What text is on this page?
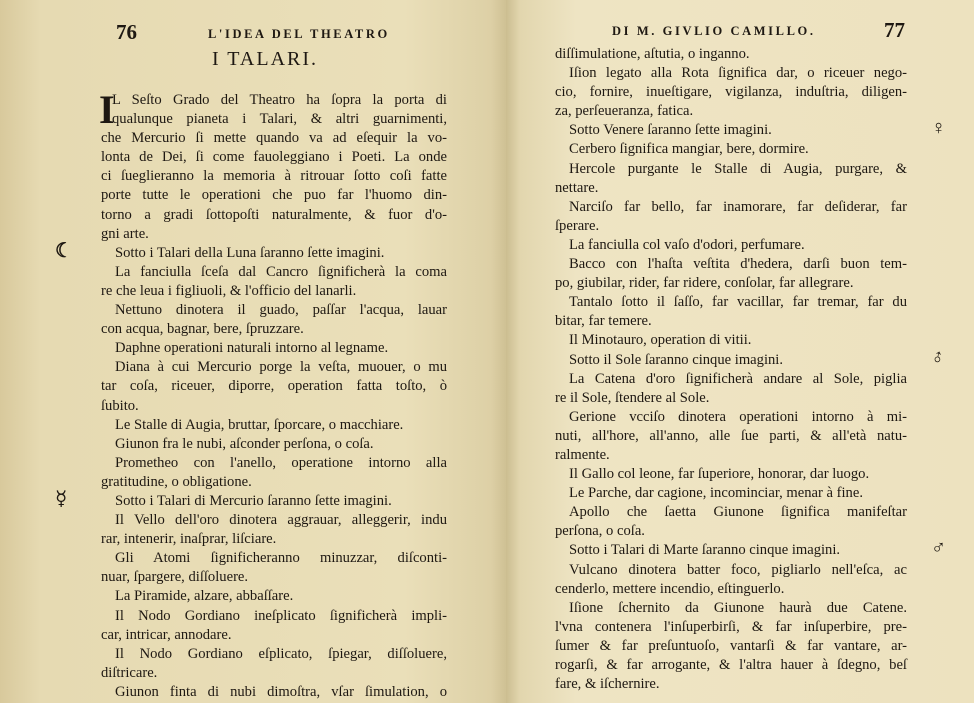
76	L'IDEA DEL THEATRO
I TALARI.
I
L Seſto Grado del Theatro ha ſopra la porta di
qualunque pianeta i Talari, & altri guarnimenti,
che Mercurio ſi mette quando va ad eſequir la vo-
lonta de Dei, ſi come fauoleggiano i Poeti. La onde
ci ſueglieranno la memoria à ritrouar ſotto coſi fatte
porte tutte le operationi che puo far l'huomo din-
torno a gradi ſottopoſti naturalmente, & fuor d'o-
gni arte.
☾	Sotto i Talari della Luna ſaranno ſette imagini.
La fanciulla ſceſa dal Cancro ſignificherà la coma
re che leua i figliuoli, & l'officio del lanarli.
Nettuno dinotera il guado, paſſar l'acqua, lauar
con acqua, bagnar, bere, ſpruzzare.
Daphne operationi naturali intorno al legname.
Diana à cui Mercurio porge la veſta, muouer, o mu
tar coſa, riceuer, diporre, operation fatta toſto, ò
ſubito.
Le Stalle di Augia, bruttar, ſporcare, o macchiare.
Giunon fra le nubi, aſconder perſona, o coſa.
Prometheo con l'anello, operatione intorno alla
gratitudine, o obligatione.
☿	Sotto i Talari di Mercurio ſaranno ſette imagini.
Il Vello dell'oro dinotera aggrauar, alleggerir, indu
rar, intenerir, inaſprar, liſciare.
Gli Atomi ſignificheranno minuzzar, diſconti-
nuar, ſpargere, diſſoluere.
La Piramide, alzare, abbaſſare.
Il Nodo Gordiano ineſplicato ſignificherà impli-
car, intricar, annodare.
Il Nodo Gordiano eſplicato, ſpiegar, diſſoluere,
diſtricare.
Giunon finta di nubi dimoſtra, vſar ſimulation, o
DI M. GIVLIO CAMILLO.	77
diſſimulatione, aſtutia, o inganno.
Iſion legato alla Rota ſignifica dar, o riceuer nego-
cio, fornire, inueſtigare, vigilanza, induſtria, diligen-
za, perſeueranza, fatica.
♀
Sotto Venere ſaranno ſette imagini.
Cerbero ſignifica mangiar, bere, dormire.
Hercole purgante le Stalle di Augia, purgare, &
nettare.
Narciſo far bello, far inamorare, far deſiderar, far
ſperare.
La fanciulla col vaſo d'odori, perfumare.
Bacco con l'haſta veſtita d'hedera, darſi buon tem-
po, giubilar, rider, far ridere, conſolar, far allegrare.
Tantalo ſotto il ſaſſo, far vacillar, far tremar, far du
bitar, far temere.
Il Minotauro, operation di vitii.
♂
Sotto il Sole ſaranno cinque imagini.
La Catena d'oro ſignificherà andare al Sole, piglia
re il Sole, ſtendere al Sole.
Gerione vcciſo dinotera operationi intorno à mi-
nuti, all'hore, all'anno, alle ſue parti, & all'età natu-
ralmente.
Il Gallo col leone, far ſuperiore, honorar, dar luogo.
Le Parche, dar cagione, incominciar, menar à fine.
Apollo che ſaetta Giunone ſignifica manifeſtar
perſona, o coſa.
♂
Sotto i Talari di Marte ſaranno cinque imagini.
Vulcano dinotera batter foco, pigliarlo nell'eſca, ac
cenderlo, mettere incendio, eſtinguerlo.
Iſione ſchernito da Giunone haurà due Catene.
l'vna contenera l'inſuperbirſi, & far inſuperbire, pre-
ſumer & far preſuntuoſo, vantarſi & far vantare, ar-
rogarſi, & far arrogante, & l'altra hauer à ſdegno, beſ
fare, & iſchernire.
